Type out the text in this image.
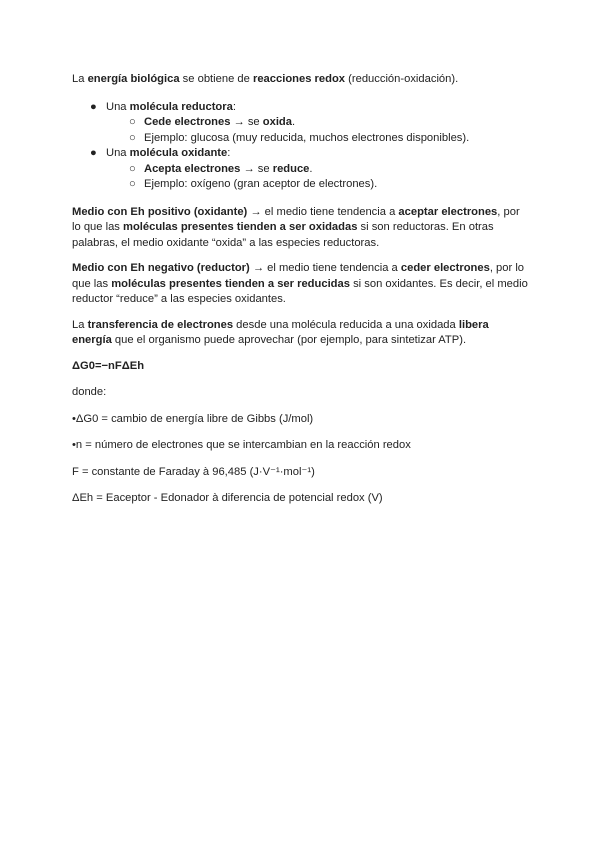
La energía biológica se obtiene de reacciones redox (reducción-oxidación).

● Una molécula reductora:

○ Cede electrones → se oxida.

○ Ejemplo: glucosa (muy reducida, muchos electrones disponibles).

● Una molécula oxidante:

○ Acepta electrones → se reduce.

○ Ejemplo: oxígeno (gran aceptor de electrones).

Medio con Eh positivo (oxidante) → el medio tiene tendencia a aceptar electrones, por lo que las moléculas presentes tienden a ser oxidadas si son reductoras. En otras palabras, el medio oxidante “oxida” a las especies reductoras.

Medio con Eh negativo (reductor) → el medio tiene tendencia a ceder electrones, por lo que las moléculas presentes tienden a ser reducidas si son oxidantes. Es decir, el medio reductor “reduce” a las especies oxidantes.

La transferencia de electrones desde una molécula reducida a una oxidada libera energía que el organismo puede aprovechar (por ejemplo, para sintetizar ATP).

ΔG0=−nFΔEh

donde:

•ΔG0 = cambio de energía libre de Gibbs (J/mol)

•n = número de electrones que se intercambian en la reacción redox

F = constante de Faraday à 96,485 (J·V⁻¹·mol⁻¹)

ΔEh = Eaceptor - Edonador à diferencia de potencial redox (V)
